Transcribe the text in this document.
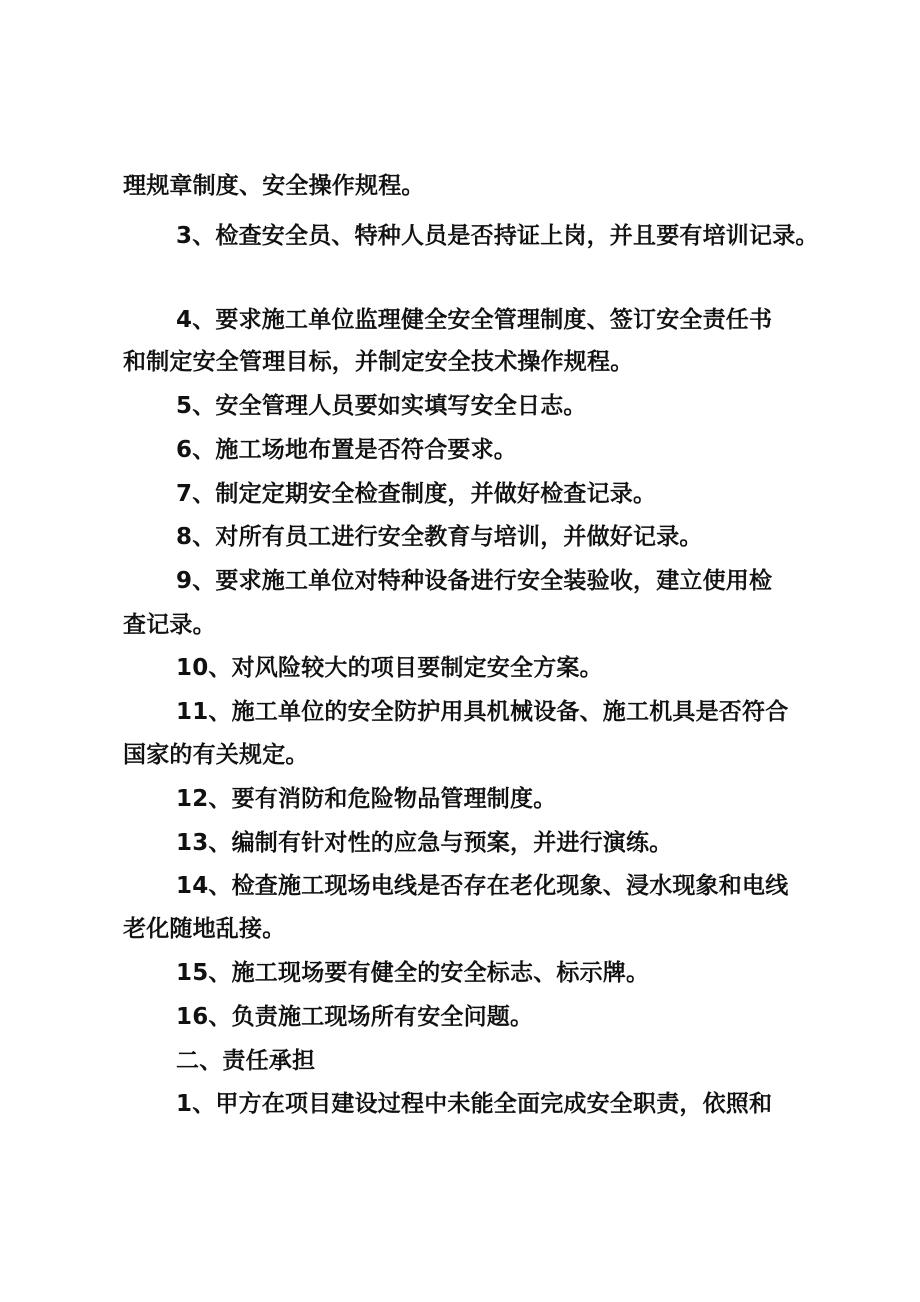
理规章制度、安全操作规程。
3、检查安全员、特种人员是否持证上岗，并且要有培训记录。
4、要求施工单位监理健全安全管理制度、签订安全责任书
和制定安全管理目标，并制定安全技术操作规程。
5、安全管理人员要如实填写安全日志。
6、施工场地布置是否符合要求。
7、制定定期安全检查制度，并做好检查记录。
8、对所有员工进行安全教育与培训，并做好记录。
9、要求施工单位对特种设备进行安全装验收，建立使用检
查记录。
10、对风险较大的项目要制定安全方案。
11、施工单位的安全防护用具机械设备、施工机具是否符合
国家的有关规定。
12、要有消防和危险物品管理制度。
13、编制有针对性的应急与预案，并进行演练。
14、检查施工现场电线是否存在老化现象、浸水现象和电线
老化随地乱接。
15、施工现场要有健全的安全标志、标示牌。
16、负责施工现场所有安全问题。
二、责任承担
1、甲方在项目建设过程中未能全面完成安全职责，依照和
